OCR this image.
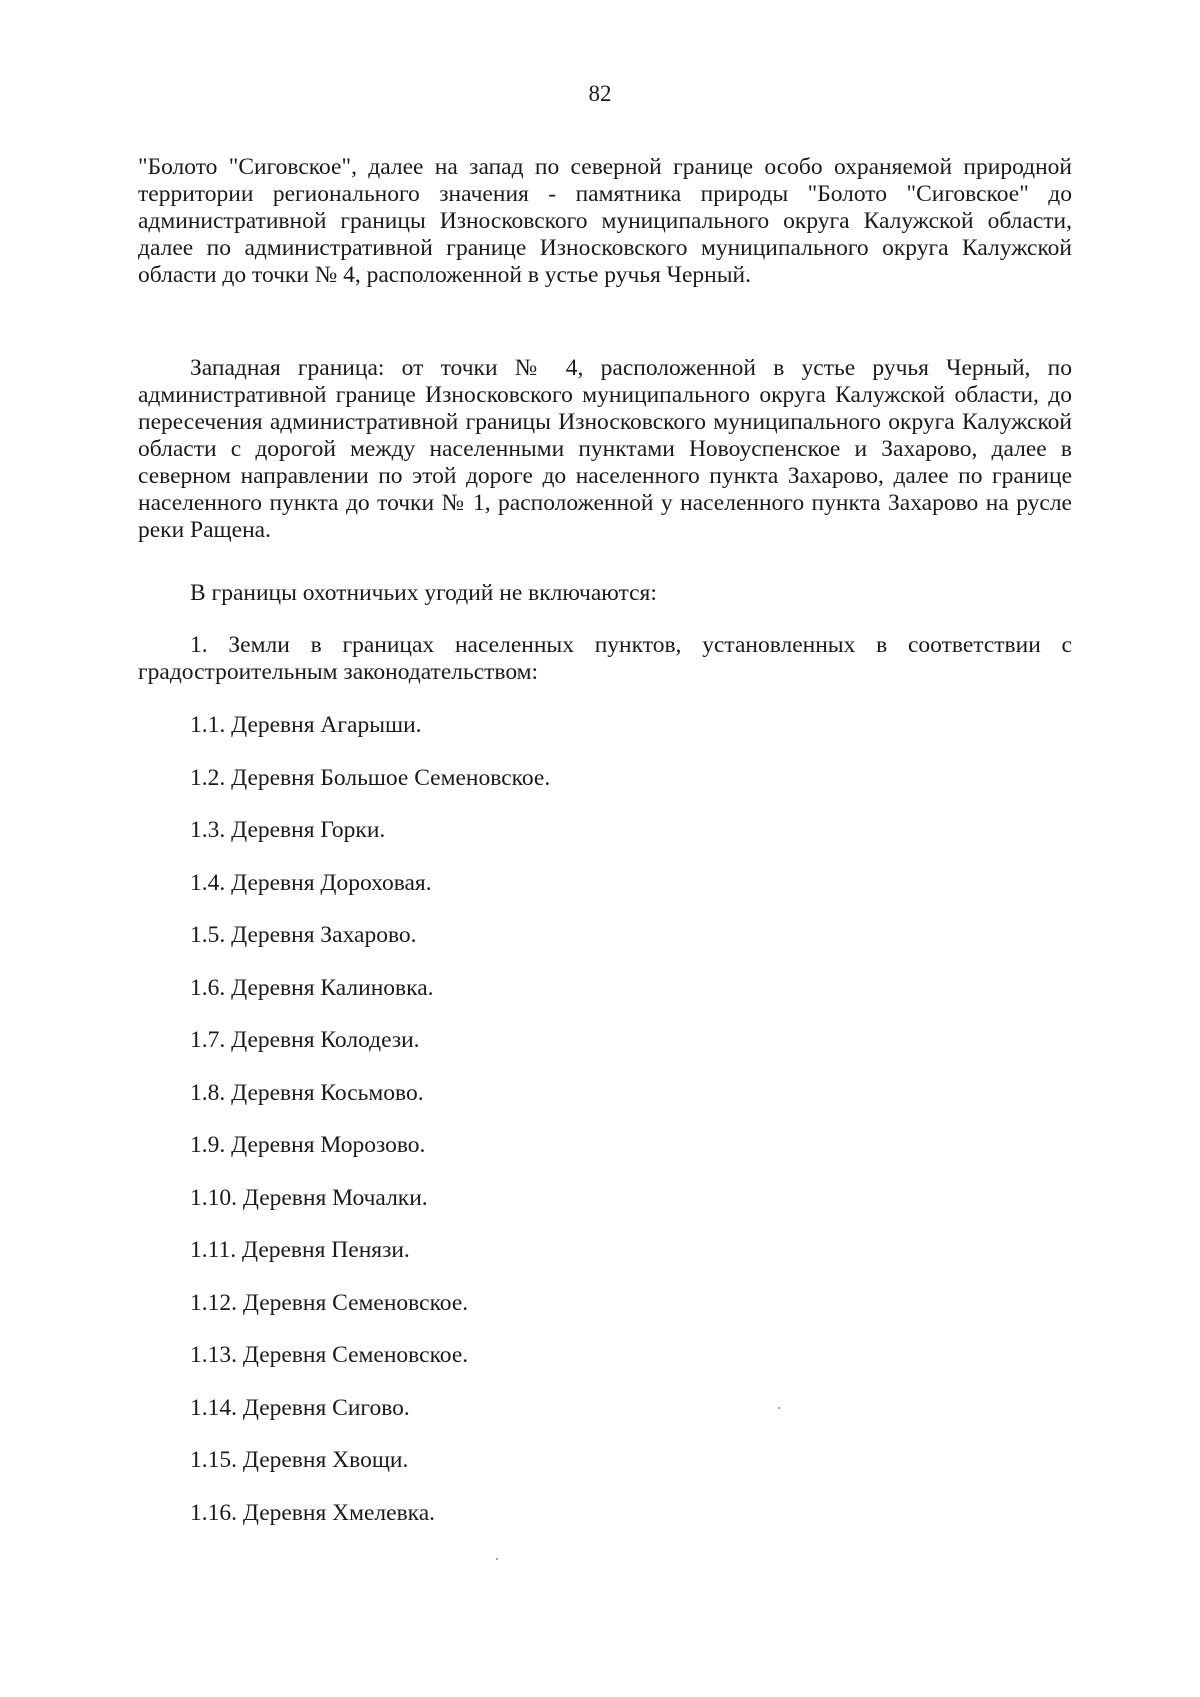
82

"Болото "Сиговское", далее на запад по северной границе особо охраняемой природной территории регионального значения - памятника природы "Болото "Сиговское" до административной границы Износковского муниципального округа Калужской области, далее по административной границе Износковского муниципального округа Калужской области до точки № 4, расположенной в устье ручья Черный.

Западная граница: от точки № 4, расположенной в устье ручья Черный, по административной границе Износковского муниципального округа Калужской области, до пересечения административной границы Износковского муниципального округа Калужской области с дорогой между населенными пунктами Новоуспенское и Захарово, далее в северном направлении по этой дороге до населенного пункта Захарово, далее по границе населенного пункта до точки № 1, расположенной у населенного пункта Захарово на русле реки Ращена.

В границы охотничьих угодий не включаются:

1. Земли в границах населенных пунктов, установленных в соответствии с градостроительным законодательством:

1.1. Деревня Агарыши.
1.2. Деревня Большое Семеновское.
1.3. Деревня Горки.
1.4. Деревня Дороховая.
1.5. Деревня Захарово.
1.6. Деревня Калиновка.
1.7. Деревня Колодези.
1.8. Деревня Косьмово.
1.9. Деревня Морозово.
1.10. Деревня Мочалки.
1.11. Деревня Пенязи.
1.12. Деревня Семеновское.
1.13. Деревня Семеновское.
1.14. Деревня Сигово.
1.15. Деревня Хвощи.
1.16. Деревня Хмелевка.
